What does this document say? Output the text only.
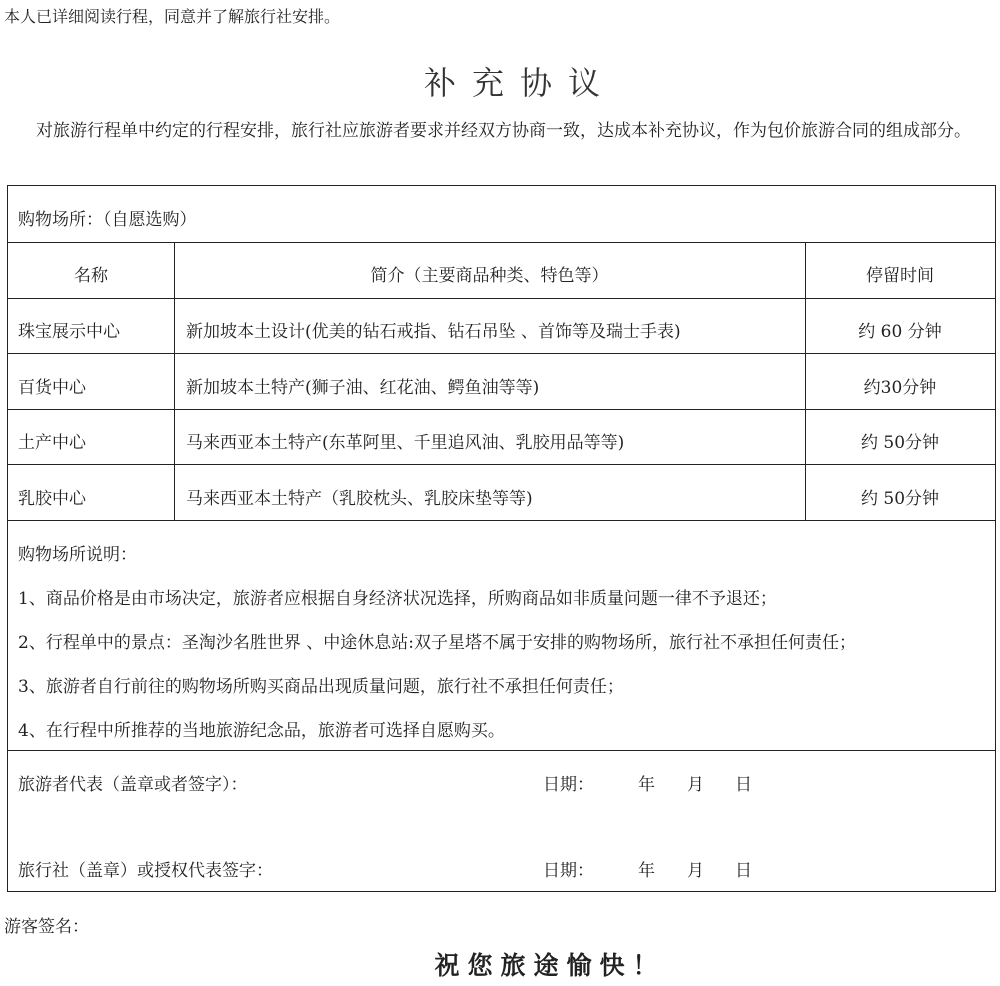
本人已详细阅读行程，同意并了解旅行社安排。
补充协议
对旅游行程单中约定的行程安排，旅行社应旅游者要求并经双方协商一致，达成本补充协议，作为包价旅游合同的组成部分。
购物场所：（自愿选购）
名称	简介（主要商品种类、特色等）	停留时间
珠宝展示中心	新加坡本土设计(优美的钻石戒指、钻石吊坠 、首饰等及瑞士手表)	约 60 分钟
百货中心	新加坡本土特产(狮子油、红花油、鳄鱼油等等)	约30分钟
土产中心	马来西亚本土特产(东革阿里、千里追风油、乳胶用品等等)	约 50分钟
乳胶中心	马来西亚本土特产（乳胶枕头、乳胶床垫等等)	约 50分钟
购物场所说明：
1、商品价格是由市场决定，旅游者应根据自身经济状况选择，所购商品如非质量问题一律不予退还；
2、行程单中的景点：圣淘沙名胜世界 、中途休息站:双子星塔不属于安排的购物场所，旅行社不承担任何责任；
3、旅游者自行前往的购物场所购买商品出现质量问题，旅行社不承担任何责任；
4、在行程中所推荐的当地旅游纪念品，旅游者可选择自愿购买。
旅游者代表（盖章或者签字）：	日期：	年 月 日
旅行社（盖章）或授权代表签字：	日期：	年 月 日
游客签名：
祝您旅途愉快！
